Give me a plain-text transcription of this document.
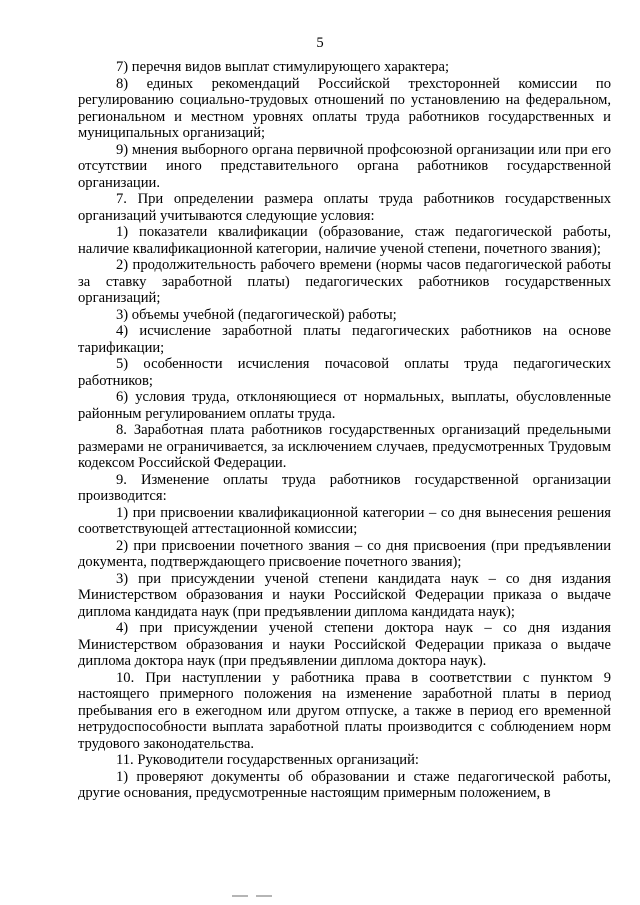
5

7) перечня видов выплат стимулирующего характера;

8) единых рекомендаций Российской трехсторонней комиссии по регулированию социально-трудовых отношений по установлению на федеральном, региональном и местном уровнях оплаты труда работников государственных и муниципальных организаций;

9) мнения выборного органа первичной профсоюзной организации или при его отсутствии иного представительного органа работников государственной организации.

7. При определении размера оплаты труда работников государственных организаций учитываются следующие условия:

1) показатели квалификации (образование, стаж педагогической работы, наличие квалификационной категории, наличие ученой степени, почетного звания);

2) продолжительность рабочего времени (нормы часов педагогической работы за ставку заработной платы) педагогических работников государственных организаций;

3) объемы учебной (педагогической) работы;

4) исчисление заработной платы педагогических работников на основе тарификации;

5) особенности исчисления почасовой оплаты труда педагогических работников;

6) условия труда, отклоняющиеся от нормальных, выплаты, обусловленные районным регулированием оплаты труда.

8. Заработная плата работников государственных организаций предельными размерами не ограничивается, за исключением случаев, предусмотренных Трудовым кодексом Российской Федерации.

9. Изменение оплаты труда работников государственной организации производится:

1) при присвоении квалификационной категории – со дня вынесения решения соответствующей аттестационной комиссии;

2) при присвоении почетного звания – со дня присвоения (при предъявлении документа, подтверждающего присвоение почетного звания);

3) при присуждении ученой степени кандидата наук – со дня издания Министерством образования и науки Российской Федерации приказа о выдаче диплома кандидата наук (при предъявлении диплома кандидата наук);

4) при присуждении ученой степени доктора наук – со дня издания Министерством образования и науки Российской Федерации приказа о выдаче диплома доктора наук (при предъявлении диплома доктора наук).

10. При наступлении у работника права в соответствии с пунктом 9 настоящего примерного положения на изменение заработной платы в период пребывания его в ежегодном или другом отпуске, а также в период его временной нетрудоспособности выплата заработной платы производится с соблюдением норм трудового законодательства.

11. Руководители государственных организаций:

1) проверяют документы об образовании и стаже педагогической работы, другие основания, предусмотренные настоящим примерным положением, в
